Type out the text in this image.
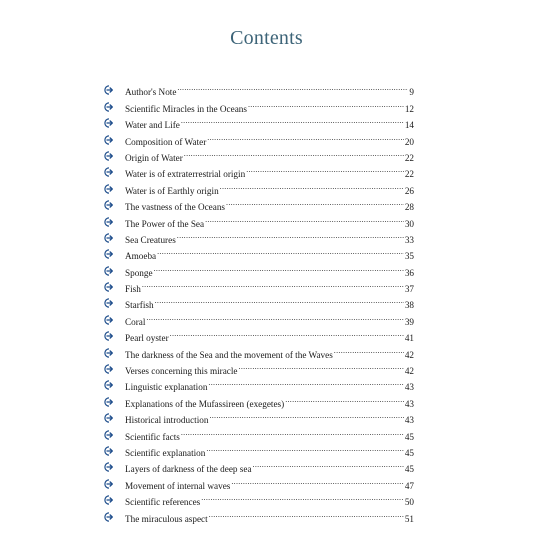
Contents
Author's Note .....	9
Scientific Miracles in the Oceans .....	12
Water and Life .....	14
Composition of Water .....	20
Origin of Water .....	22
Water is of extraterrestrial origin .....	22
Water is of Earthly origin .....	26
The vastness of the Oceans .....	28
The Power of the Sea .....	30
Sea Creatures .....	33
Amoeba .....	35
Sponge .....	36
Fish .....	37
Starfish .....	38
Coral .....	39
Pearl oyster .....	41
The darkness of the Sea and the movement of the Waves .....	42
Verses concerning this miracle .....	42
Linguistic explanation .....	43
Explanations of the Mufassireen (exegetes) .....	43
Historical introduction .....	43
Scientific facts .....	45
Scientific explanation .....	45
Layers of darkness of the deep sea .....	45
Movement of internal waves .....	47
Scientific references .....	50
The miraculous aspect .....	51
